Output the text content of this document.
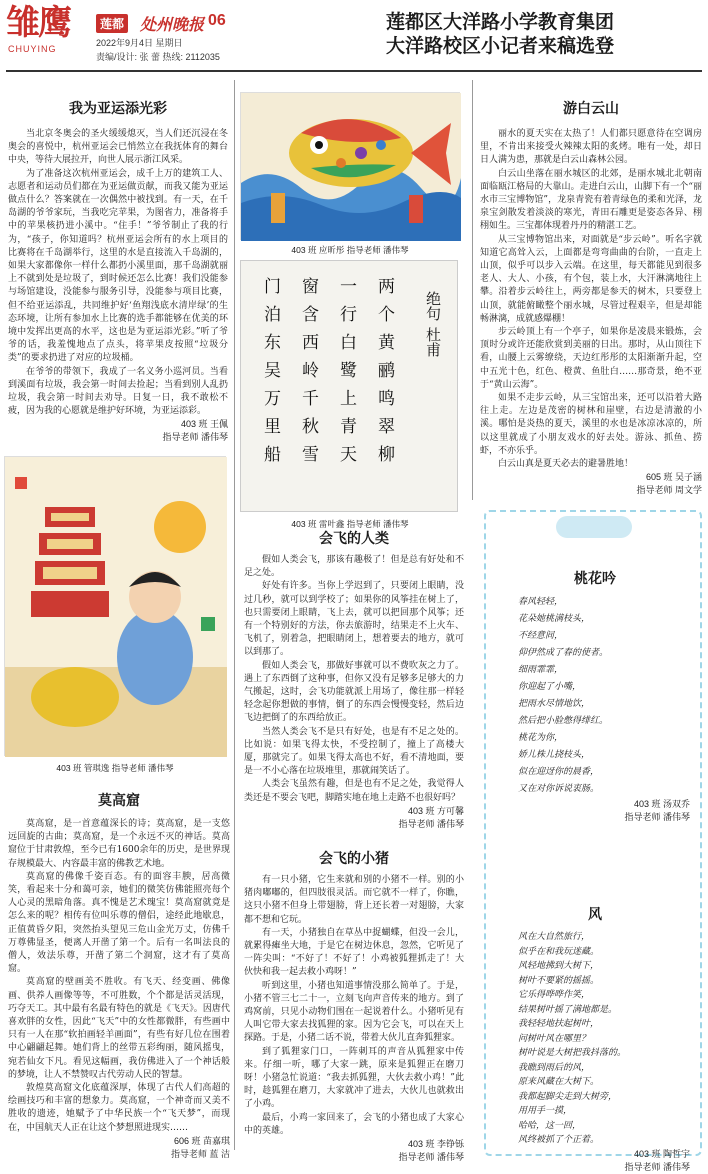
雏鹰
CHUYING
莲都 处州晚报 06
2022年9月4日 星期日
责编/设计: 张 蕾 热线: 2112035
莲都区大洋路小学教育集团
大洋路校区小记者来稿选登
我为亚运添光彩

当北京冬奥会的圣火缓缓熄灭，当人们还沉浸在冬奥会的喜悦中，杭州亚运会已悄然立在我抚体育的舞台中央，等待大展拉开，向世人展示浙江风采。

为了准备这次杭州亚运会，成千上万的建筑工人、志愿者和运动员们都在为亚运做贡献，而我又能为亚运做点什么？答案就在一次偶然中被找到。有一天，在千岛湖的爷爷家玩，当我吃完苹果，为图省力，准备将手中的苹果核扔进小溪中。“住手！”爷爷制止了我的行为，“孩子，你知道吗？杭州亚运会所有的水上项目的比赛将在千岛湖举行，这里的水是直接流入千岛湖的，如果大家都像你一样什么都扔小溪里面，那千岛湖就丽上不就到处是垃圾了，到时候还怎么比赛！我们没能参与场馆建设，没能参与服务引导，没能参与项目比赛，但不给亚运添乱，共同维护好‘鱼翔浅底水清岸绿’的生态环境，让所有参加水上比赛的选手都能够在优美的环境中发挥出更高的水平，这也是为亚运添光彩。”听了爷爷的话，我羞愧地点了点头，将苹果皮按照“垃圾分类”的要求扔进了对应的垃圾桶。

在爷爷的带领下，我成了一名义务小巡河员。当看到溪面有垃圾，我会第一时间去捡起；当看到别人乱扔垃圾，我会第一时间去劝导。日复一日，我不敢松不疲，因为我的心愿就是维护好环境，为亚运添彩。

403 班 王佩
指导老师 潘伟琴
403 班 应昕彤 指导老师 潘伟琴
绝句
杜甫
两个黄鹂鸣翠柳
一行白鹭上青天
窗含西岭千秋雪
门泊东吴万里船
403 班 雷叶鑫 指导老师 潘伟琴
403 班 管琪逸 指导老师 潘伟琴
莫高窟

莫高窟，是一首意蕴深长的诗；莫高窟，是一支悠远回旋的古曲；莫高窟，是一个永远不灭的神话。莫高窟位于甘肃敦煌，至今已有1600余年的历史，是世界现存规模最大、内容最丰富的佛教艺术地。

莫高窟的佛像千姿百态。有的面容丰腴，居高微笑，看起来十分和蔼可亲，她们的微笑仿佛能照亮每个人心灵的黑暗角落。真不愧是艺术瑰宝！莫高窟就竟是怎么来的呢？相传有位叫乐尊的僧侣，途经此地歇息，正值黄昏夕阳，突然抬头望见三危山金光万丈，仿佛千万尊佛显圣，便离人开凿了第一个。后有一名叫法良的僧人，效法乐尊，开凿了第二个洞窟，这才有了莫高窟。

莫高窟的壁画美不胜收。有飞天、经变画、佛像画、供养人画像等等，不可胜数，个个都是活灵活现，巧夺天工。其中最有名最有特色的就是《飞天》。因唐代喜欢胖的女性，因此“飞天”中的女性都微胖，有些画中只有一人在那“软拍画轻羊画面”，有些有好几位在围着中心翩翩起舞。她们背上的丝带五彩绚丽，随风摇曳，宛若仙女下凡。看见这幅画，我仿佛进入了一个神话般的梦境，让人不禁赞叹古代劳动人民的智慧。

敦煌莫高窟文化底蕴深厚，体现了古代人们高超的绘画技巧和丰富的想象力。莫高窟，一个神奇而又美不胜收的遗迹，她赋予了中华民族一个“飞天梦”，而现在，中国航天人正在让这个梦想照进现实……

606 班 苗嘉琪
指导老师 蓝 洁
会飞的人类

假如人类会飞，那该有趣极了！但是总有好处和不足之处。

好处有许多。当你上学迟到了，只要闭上眼睛，没过几秒，就可以到学校了；如果你的风筝挂在树上了，也只需要闭上眼睛，飞上去，就可以把回那个风筝；还有一个特别好的方法，你去旅游时，结果走不上火车、飞机了，别着急，把眼睛闭上，想着要去的地方，就可以到那了。

假如人类会飞，那做好事就可以不费吹灰之力了。遇上了东西倒了这种事，但你又没有足够多足够大的力气搬起，这时，会飞功能就派上用场了，像往那一样轻轻念起你想做的事情，倒了的东西会慢慢变轻，然后边飞边把倒了的东西给放正。

当然人类会飞不是只有好处，也是有不足之处的。比如说：如果飞得太快，不受控制了，撞上了高楼大厦，那就完了。如果飞得太高也不好，看不清地面，要是一不小心落在垃圾堆里，那就闹笑话了。

人类会飞虽然有趣，但是也有不足之处，我觉得人类还是不要会飞吧，脚踏实地在地上走路不也很好吗？

403 班 方可馨
指导老师 潘伟琴
会飞的小猪

有一只小猪，它生来就和别的小猪不一样。别的小猪肉嘟嘟的，但四肢很灵活。而它就不一样了，你瞧，这只小猪不但身上带翅膀，背上还长着一对翅膀，大家都不想和它玩。

有一天，小猪独自在草丛中捉蝴蝶，但没一会儿，就累得瘫坐大地，于是它在树边休息，忽然，它听见了一阵尖叫：“不好了！不好了！小鸡被狐狸抓走了！大伙快和我一起去救小鸡呀！”

听到这里，小猪也知道事情没那么简单了。于是，小猪不管三七二十一，立刻飞向声音传来的地方。到了鸡窝前，只见小动物们围在一起说着什么。小猪听见有人叫它带大家去找狐狸的家。因为它会飞，可以在天上探路。于是，小猪二话不说，带着大伙儿直奔狐狸家。

到了狐狸家门口，一阵刺耳的声音从狐狸家中传来。仔细一听，哪了大家一跳，原来是狐狸正在磨刀呀！小猪急忙说道：“我去抓狐狸，大伙去救小鸡！”此时，趁狐狸在磨刀，大家就冲了进去，大伙儿也就救出了小鸡。

最后，小鸡一家回来了，会飞的小猪也成了大家心中的英雄。

403 班 李铮铄
指导老师 潘伟琴
游白云山

丽水的夏天实在太热了！人们都只愿意待在空调房里，不肯出来接受火辣辣太阳的炙烤。唯有一处，却日日人满为患，那就是白云山森林公园。

白云山坐落在丽水城区的北郊，是丽水城北北朝南面临瓯江格局的大靠山。走进白云山，山脚下有一个“丽水市三宝博物馆”，龙泉青瓷有着青绿色的柔和光泽，龙泉宝剑散发着淡淡的寒光，青田石雕更是姿态各异、栩栩如生。三宝都体现着丹丹的精湛工艺。

从三宝博物馆出来，对面就是“步云岭”。听名字就知道它高耸入云，上面都是弯弯曲曲的台阶，一直走上山顶，似乎可以步入云端。在这里，每天都能见到很多老人、大人、小孩，有个包，装上水，大汗淋漓地往上攀。沿着步云岭往上，两旁都是参天的树木，只要登上山顶，就能俯瞰整个丽水城，尽管过程艰辛，但是却能畅淋漓，成就感爆棚！

步云岭顶上有一个亭子，如果你是凌晨来锻炼，会顶时分或许还能欣赏到美丽的日出。那时，从山顶往下看，山腰上云雾缭绕，天边红彤彤的太阳渐渐升起，空中五光十色，红色、橙黄、鱼肚白……那奇景，绝不亚于“黄山云海”。

如果不走步云岭，从三宝馆出来，还可以沿着大路往上走。左边是茂密的树林和崖壁，右边是清澈的小溪。哪怕是炎热的夏天，溪里的水也是冰凉冰凉的，所以这里就成了小朋友戏水的好去处。游泳、抓鱼、捞虾，不亦乐乎。

白云山真是夏天必去的避暑胜地！

605 班 吴子涵
指导老师 周文学
桃花吟
春风轻轻，
花朵她桃满枝头，
不经意间，
仰伊然成了春的使者。
细雨霏霏，
你迎起了小嘴，
把雨水尽情地饮，
然后把小脸憋得绯红。
桃花为你，
娇儿株儿挠枝头，
似在迎迓你的晨香，
又在对你诉说衷肠。
403 班 汤双乔
指导老师 潘伟琴
风
风在大自然旅行，
似乎在和我玩迷藏。
风轻地拂到大树下，
树叶不要紧的摇摇。
它乐得哗哗作笑，
结果树叶摇了满地都是。
我轻轻地扶起树叶，
问树叶风在哪里？
树叶说是大树把我抖落的。
我瞧到雨后的风，
原来风藏在大树下。
我都起脚尖走到大树旁，
用用手一摸，
哈哈，这一回，
风终被抓了个正着。
403 班 陶哲宇
指导老师 潘伟琴
